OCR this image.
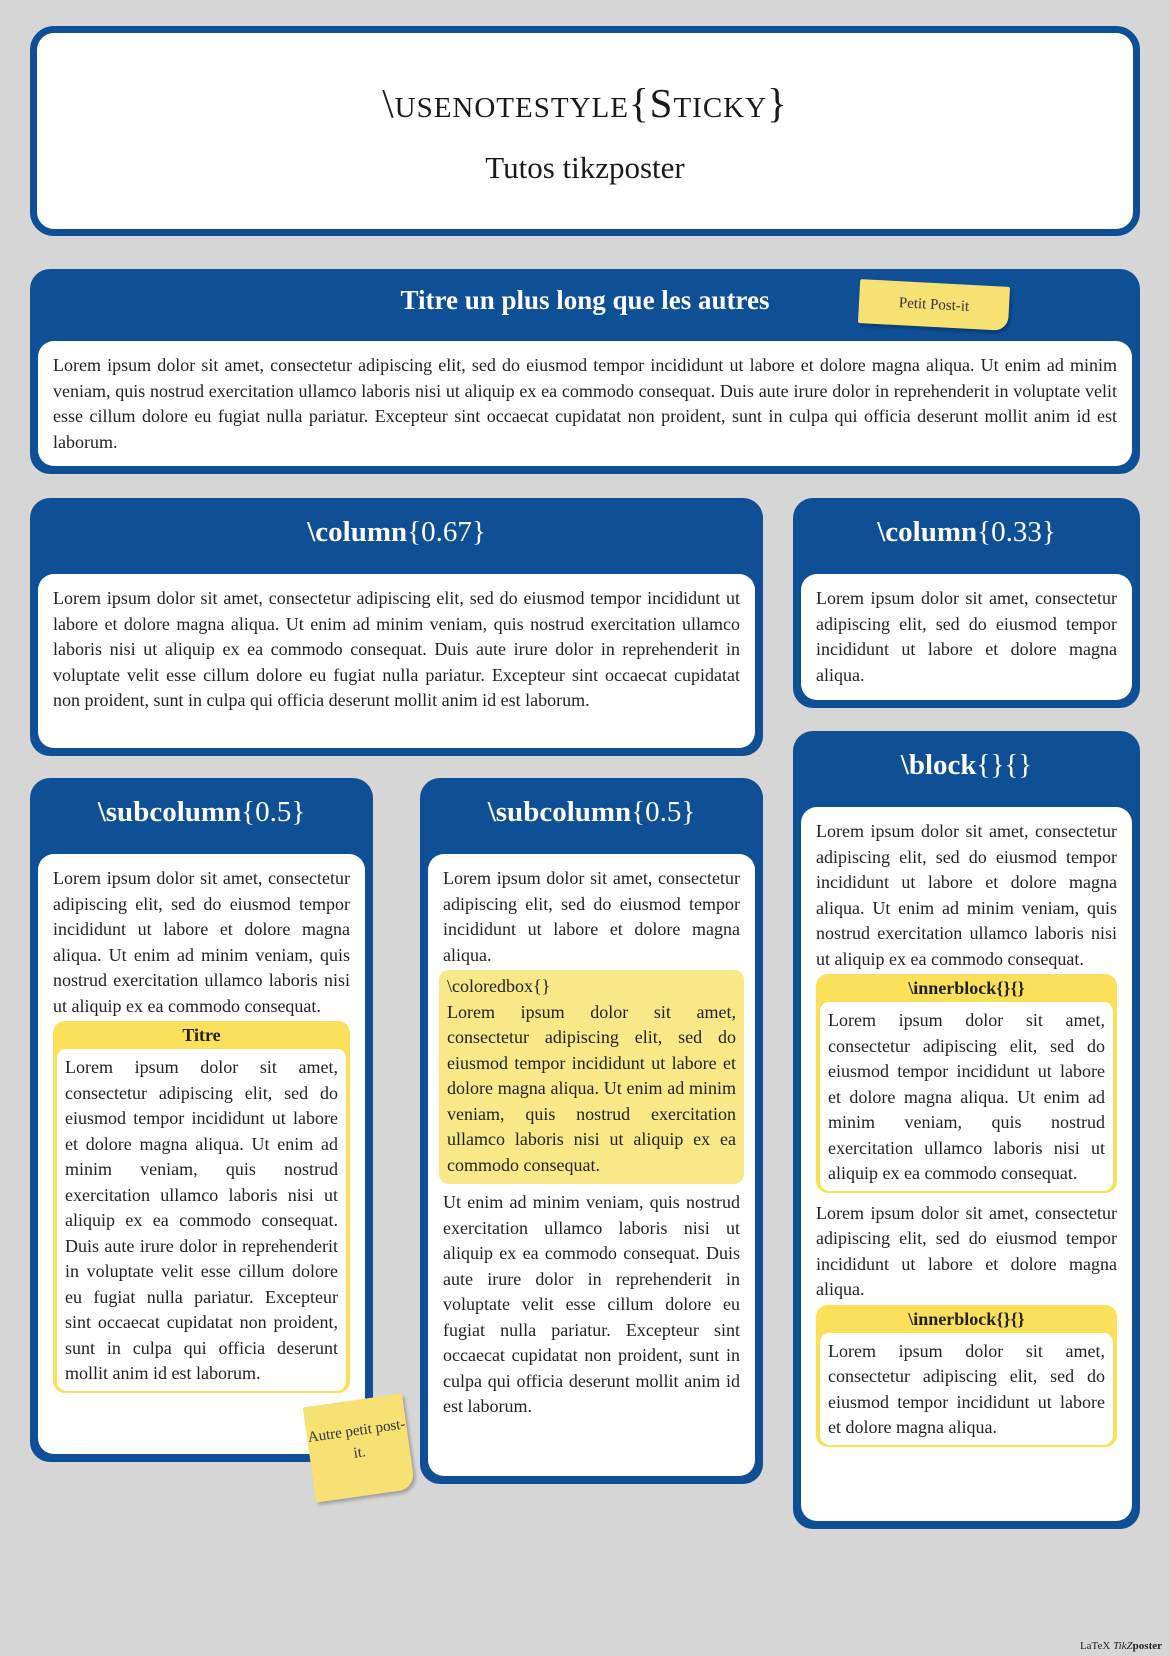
\usenotestyle{Sticky}
Tutos tikzposter
Titre un plus long que les autres
Lorem ipsum dolor sit amet, consectetur adipiscing elit, sed do eiusmod tempor incididunt ut labore et dolore magna aliqua. Ut enim ad minim veniam, quis nostrud exercitation ullamco laboris nisi ut aliquip ex ea commodo consequat. Duis aute irure dolor in reprehenderit in voluptate velit esse cillum dolore eu fugiat nulla pariatur. Excepteur sint occaecat cupidatat non proident, sunt in culpa qui officia deserunt mollit anim id est laborum.
Petit Post-it
\column{0.67}
Lorem ipsum dolor sit amet, consectetur adipiscing elit, sed do eiusmod tempor incididunt ut labore et dolore magna aliqua. Ut enim ad minim veniam, quis nostrud exercitation ullamco laboris nisi ut aliquip ex ea commodo consequat. Duis aute irure dolor in reprehenderit in voluptate velit esse cillum dolore eu fugiat nulla pariatur. Excepteur sint occaecat cupidatat non proident, sunt in culpa qui officia deserunt mollit anim id est laborum.
\column{0.33}
Lorem ipsum dolor sit amet, consectetur adipiscing elit, sed do eiusmod tempor incididunt ut labore et dolore magna aliqua.
\subcolumn{0.5}
Lorem ipsum dolor sit amet, consectetur adipiscing elit, sed do eiusmod tempor incididunt ut labore et dolore magna aliqua. Ut enim ad minim veniam, quis nostrud exercitation ullamco laboris nisi ut aliquip ex ea commodo consequat.
Titre
Lorem ipsum dolor sit amet, consectetur adipiscing elit, sed do eiusmod tempor incididunt ut labore et dolore magna aliqua. Ut enim ad minim veniam, quis nostrud exercitation ullamco laboris nisi ut aliquip ex ea commodo consequat. Duis aute irure dolor in reprehenderit in voluptate velit esse cillum dolore eu fugiat nulla pariatur. Excepteur sint occaecat cupidatat non proident, sunt in culpa qui officia deserunt mollit anim id est laborum.
Autre petit post-it.
\subcolumn{0.5}
Lorem ipsum dolor sit amet, consectetur adipiscing elit, sed do eiusmod tempor incididunt ut labore et dolore magna aliqua.
\coloredbox{}
Lorem ipsum dolor sit amet, consectetur adipiscing elit, sed do eiusmod tempor incididunt ut labore et dolore magna aliqua. Ut enim ad minim veniam, quis nostrud exercitation ullamco laboris nisi ut aliquip ex ea commodo consequat.
Ut enim ad minim veniam, quis nostrud exercitation ullamco laboris nisi ut aliquip ex ea commodo consequat. Duis aute irure dolor in reprehenderit in voluptate velit esse cillum dolore eu fugiat nulla pariatur. Excepteur sint occaecat cupidatat non proident, sunt in culpa qui officia deserunt mollit anim id est laborum.
\block{}{}
Lorem ipsum dolor sit amet, consectetur adipiscing elit, sed do eiusmod tempor incididunt ut labore et dolore magna aliqua. Ut enim ad minim veniam, quis nostrud exercitation ullamco laboris nisi ut aliquip ex ea commodo consequat.
\innerblock{}{}
Lorem ipsum dolor sit amet, consectetur adipiscing elit, sed do eiusmod tempor incididunt ut labore et dolore magna aliqua. Ut enim ad minim veniam, quis nostrud exercitation ullamco laboris nisi ut aliquip ex ea commodo consequat.
Lorem ipsum dolor sit amet, consectetur adipiscing elit, sed do eiusmod tempor incididunt ut labore et dolore magna aliqua.
\innerblock{}{}
Lorem ipsum dolor sit amet, consectetur adipiscing elit, sed do eiusmod tempor incididunt ut labore et dolore magna aliqua.
LaTeX TikZposter
